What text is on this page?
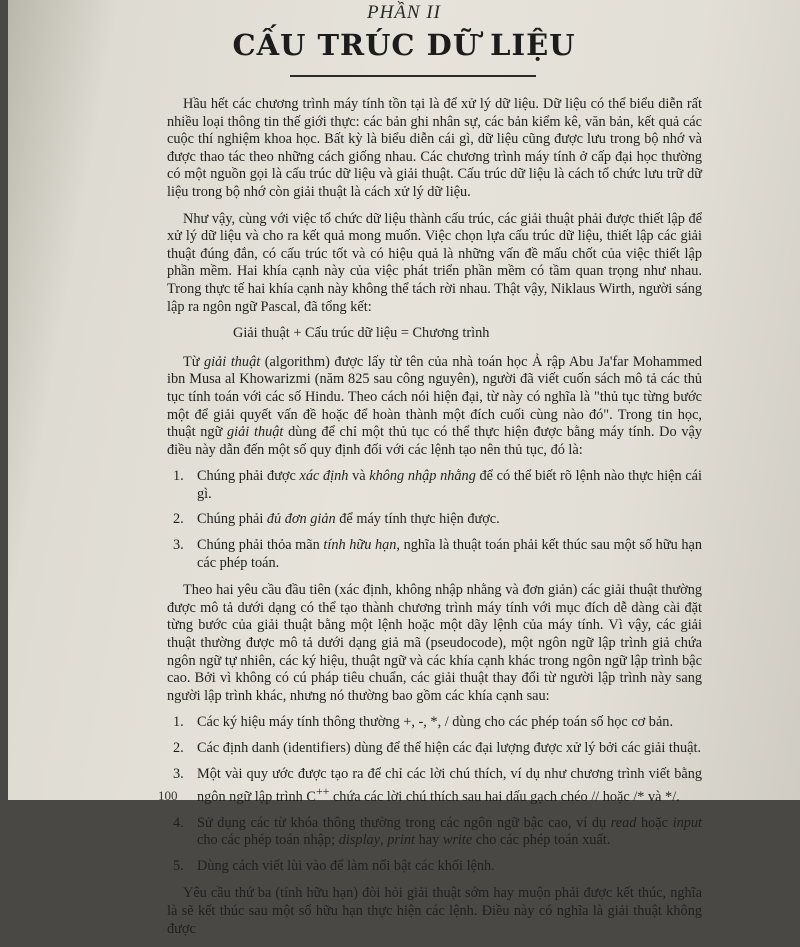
PHẦN II
CẤU TRÚC DỮ LIỆU

Hầu hết các chương trình máy tính tồn tại là để xử lý dữ liệu. Dữ liệu có thể biểu diễn rất nhiều loại thông tin thế giới thực: các bản ghi nhân sự, các bản kiểm kê, văn bản, kết quả các cuộc thí nghiệm khoa học. Bất kỳ là biểu diễn cái gì, dữ liệu cũng được lưu trong bộ nhớ và được thao tác theo những cách giống nhau. Các chương trình máy tính ở cấp đại học thường có một nguồn gọi là cấu trúc dữ liệu và giải thuật. Cấu trúc dữ liệu là cách tổ chức lưu trữ dữ liệu trong bộ nhớ còn giải thuật là cách xử lý dữ liệu.

Như vậy, cùng với việc tổ chức dữ liệu thành cấu trúc, các giải thuật phải được thiết lập để xử lý dữ liệu và cho ra kết quả mong muốn. Việc chọn lựa cấu trúc dữ liệu, thiết lập các giải thuật đúng đắn, có cấu trúc tốt và có hiệu quả là những vấn đề mấu chốt của việc thiết lập phần mềm. Hai khía cạnh này của việc phát triển phần mềm có tầm quan trọng như nhau. Trong thực tế hai khía cạnh này không thể tách rời nhau. Thật vậy, Niklaus Wirth, người sáng lập ra ngôn ngữ Pascal, đã tổng kết:

Giải thuật + Cấu trúc dữ liệu = Chương trình

Từ giải thuật (algorithm) được lấy từ tên của nhà toán học Ả rập Abu Ja'far Mohammed ibn Musa al Khowarizmi (năm 825 sau công nguyên), người đã viết cuốn sách mô tả các thủ tục tính toán với các số Hindu. Theo cách nói hiện đại, từ này có nghĩa là "thủ tục từng bước một để giải quyết vấn đề hoặc để hoàn thành một đích cuối cùng nào đó". Trong tin học, thuật ngữ giải thuật dùng để chỉ một thủ tục có thể thực hiện được bằng máy tính. Do vậy điều này dẫn đến một số quy định đối với các lệnh tạo nên thủ tục, đó là:

1. Chúng phải được xác định và không nhập nhằng để có thể biết rõ lệnh nào thực hiện cái gì.
2. Chúng phải đủ đơn giản để máy tính thực hiện được.
3. Chúng phải thỏa mãn tính hữu hạn, nghĩa là thuật toán phải kết thúc sau một số hữu hạn các phép toán.

Theo hai yêu cầu đầu tiên (xác định, không nhập nhằng và đơn giản) các giải thuật thường được mô tả dưới dạng có thể tạo thành chương trình máy tính với mục đích dễ dàng cài đặt từng bước của giải thuật bằng một lệnh hoặc một dãy lệnh của máy tính. Vì vậy, các giải thuật thường được mô tả dưới dạng giả mã (pseudocode), một ngôn ngữ lập trình giả chứa ngôn ngữ tự nhiên, các ký hiệu, thuật ngữ và các khía cạnh khác trong ngôn ngữ lập trình bậc cao. Bởi vì không có cú pháp tiêu chuẩn, các giải thuật thay đổi từ người lập trình này sang người lập trình khác, nhưng nó thường bao gồm các khía cạnh sau:

1. Các ký hiệu máy tính thông thường +, -, *, / dùng cho các phép toán số học cơ bản.
2. Các định danh (identifiers) dùng để thể hiện các đại lượng được xử lý bởi các giải thuật.
3. Một vài quy ước được tạo ra để chỉ các lời chú thích, ví dụ như chương trình viết bằng ngôn ngữ lập trình C++ chứa các lời chú thích sau hai dấu gạch chéo // hoặc /* và */.
4. Sử dụng các từ khóa thông thường trong các ngôn ngữ bậc cao, ví dụ read hoặc input cho các phép toán nhập; display, print hay write cho các phép toán xuất.
5. Dùng cách viết lùi vào để làm nổi bật các khối lệnh.

Yêu cầu thứ ba (tính hữu hạn) đòi hỏi giải thuật sớm hay muộn phải được kết thúc, nghĩa là sẽ kết thúc sau một số hữu hạn thực hiện các lệnh. Điều này có nghĩa là giải thuật không được

100
